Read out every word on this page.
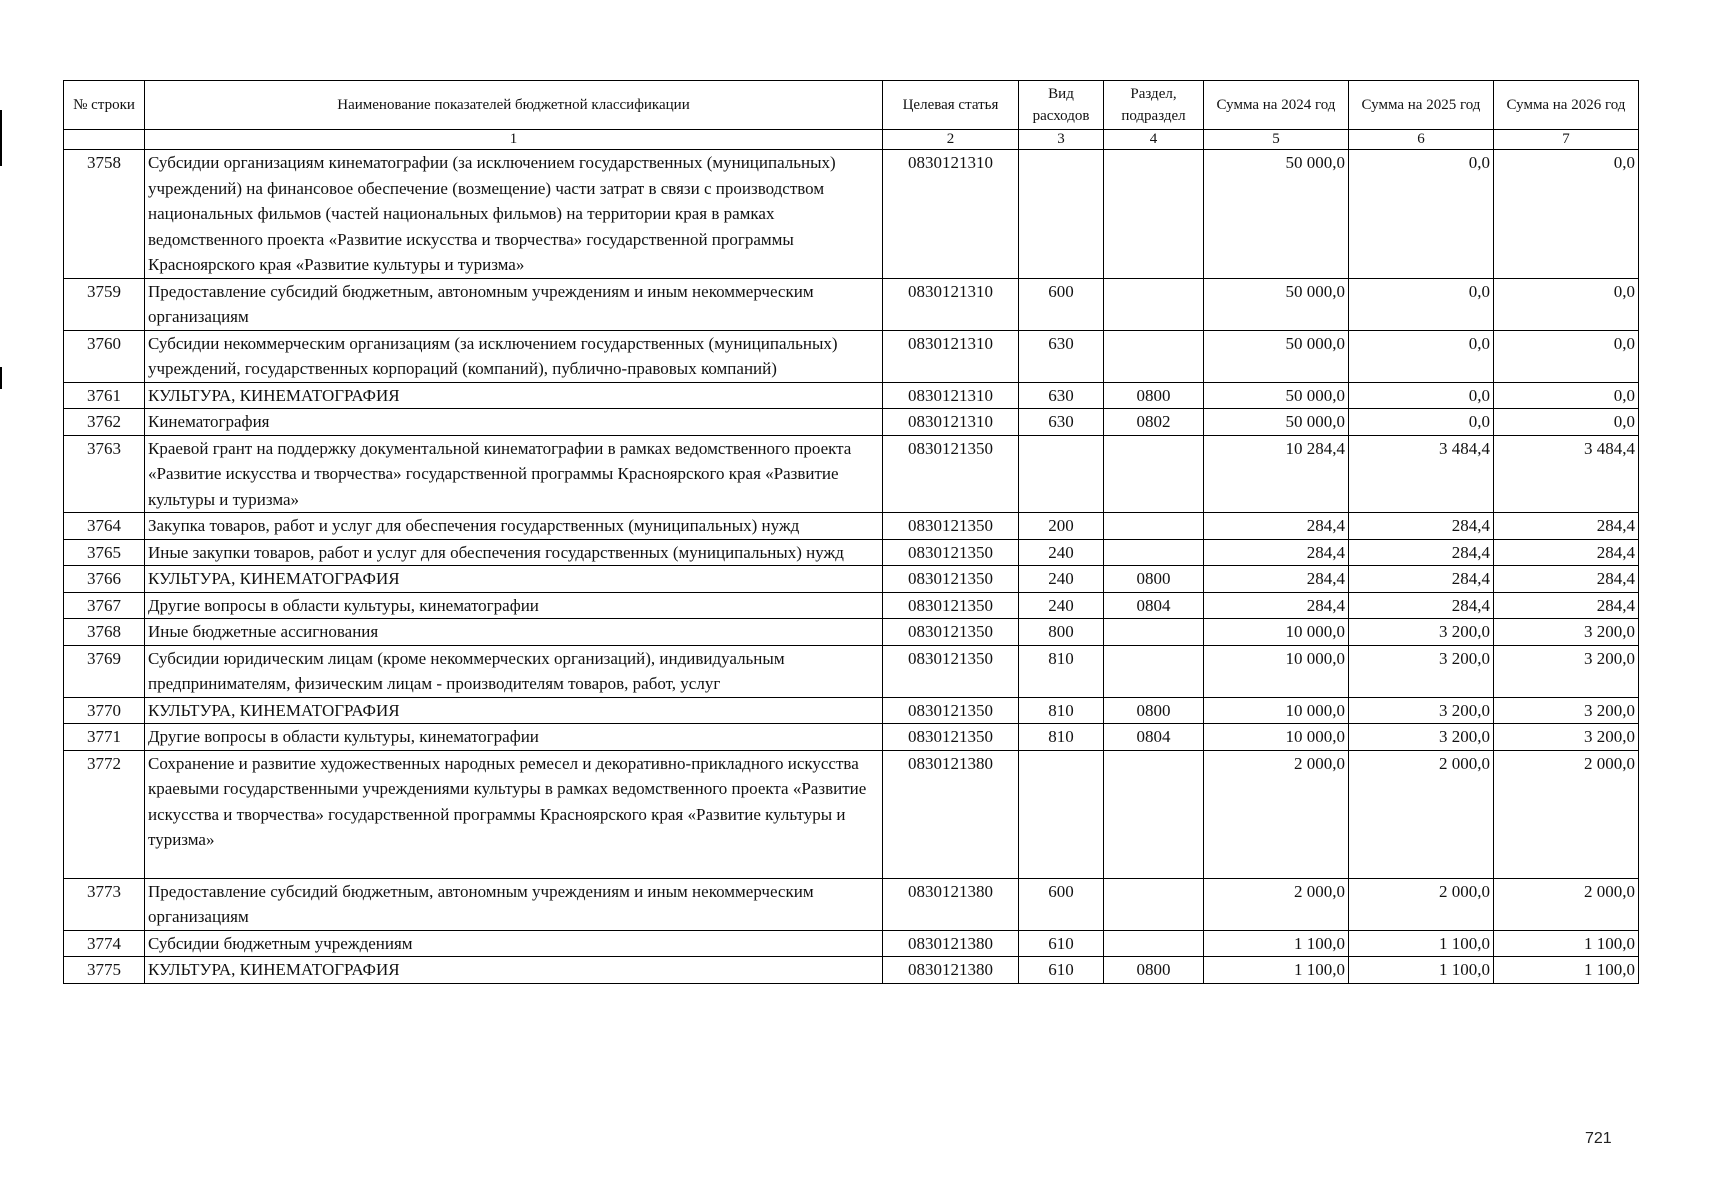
№ строки	Наименование показателей бюджетной классификации	Целевая статья	Вид расходов	Раздел, подраздел	Сумма на 2024 год	Сумма на 2025 год	Сумма на 2026 год
	1	2	3	4	5	6	7
3758	Субсидии организациям кинематографии (за исключением государственных (муниципальных) учреждений) на финансовое обеспечение (возмещение) части затрат в связи с производством национальных фильмов (частей национальных фильмов) на территории края в рамках ведомственного проекта «Развитие искусства и творчества» государственной программы Красноярского края «Развитие культуры и туризма»	0830121310			50 000,0	0,0	0,0
3759	Предоставление субсидий бюджетным, автономным учреждениям и иным некоммерческим организациям	0830121310	600		50 000,0	0,0	0,0
3760	Субсидии некоммерческим организациям (за исключением государственных (муниципальных) учреждений, государственных корпораций (компаний), публично-правовых компаний)	0830121310	630		50 000,0	0,0	0,0
3761	КУЛЬТУРА, КИНЕМАТОГРАФИЯ	0830121310	630	0800	50 000,0	0,0	0,0
3762	Кинематография	0830121310	630	0802	50 000,0	0,0	0,0
3763	Краевой грант на поддержку документальной кинематографии в рамках ведомственного проекта «Развитие искусства и творчества» государственной программы Красноярского края «Развитие культуры и туризма»	0830121350			10 284,4	3 484,4	3 484,4
3764	Закупка товаров, работ и услуг для обеспечения государственных (муниципальных) нужд	0830121350	200		284,4	284,4	284,4
3765	Иные закупки товаров, работ и услуг для обеспечения государственных (муниципальных) нужд	0830121350	240		284,4	284,4	284,4
3766	КУЛЬТУРА, КИНЕМАТОГРАФИЯ	0830121350	240	0800	284,4	284,4	284,4
3767	Другие вопросы в области культуры, кинематографии	0830121350	240	0804	284,4	284,4	284,4
3768	Иные бюджетные ассигнования	0830121350	800		10 000,0	3 200,0	3 200,0
3769	Субсидии юридическим лицам (кроме некоммерческих организаций), индивидуальным предпринимателям, физическим лицам - производителям товаров, работ, услуг	0830121350	810		10 000,0	3 200,0	3 200,0
3770	КУЛЬТУРА, КИНЕМАТОГРАФИЯ	0830121350	810	0800	10 000,0	3 200,0	3 200,0
3771	Другие вопросы в области культуры, кинематографии	0830121350	810	0804	10 000,0	3 200,0	3 200,0
3772	Сохранение и развитие художественных народных ремесел и декоративно-прикладного искусства краевыми государственными учреждениями культуры в рамках ведомственного проекта «Развитие искусства и творчества» государственной программы Красноярского края «Развитие культуры и туризма»	0830121380			2 000,0	2 000,0	2 000,0
3773	Предоставление субсидий бюджетным, автономным учреждениям и иным некоммерческим организациям	0830121380	600		2 000,0	2 000,0	2 000,0
3774	Субсидии бюджетным учреждениям	0830121380	610		1 100,0	1 100,0	1 100,0
3775	КУЛЬТУРА, КИНЕМАТОГРАФИЯ	0830121380	610	0800	1 100,0	1 100,0	1 100,0
721
